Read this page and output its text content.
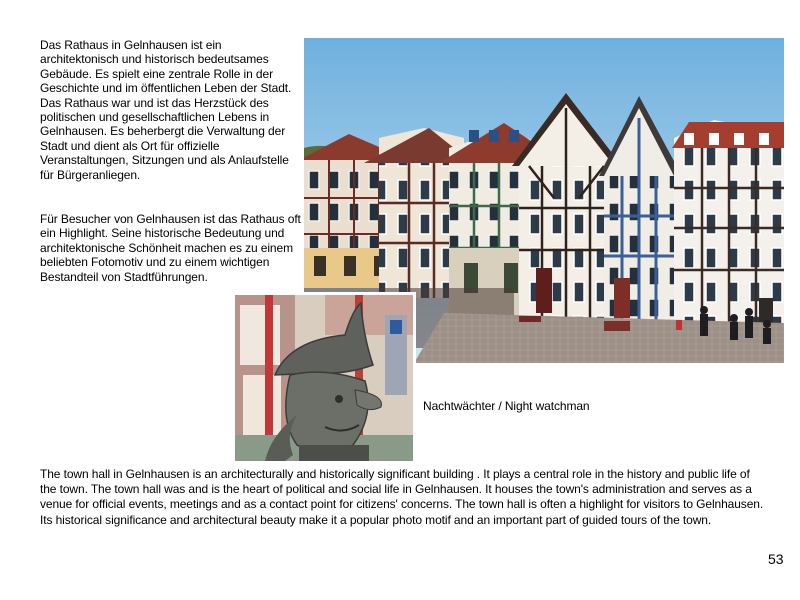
Das Rathaus in Gelnhausen ist ein architektonisch und historisch bedeutsames Gebäude. Es spielt eine zentrale Rolle in der Geschichte und im öffentlichen Leben der Stadt. Das Rathaus war und ist das Herzstück des politischen und gesellschaftlichen Lebens in Gelnhausen. Es beherbergt die Verwaltung der Stadt und dient als Ort für offizielle Veranstaltungen, Sitzungen und als Anlaufstelle für Bürgeranliegen.

Für Besucher von Gelnhausen ist das Rathaus oft ein Highlight. Seine historische Bedeutung und architektonische Schönheit machen es zu einem beliebten Fotomotiv und zu einem wichtigen Bestandteil von Stadtführungen.

Nachtwächter / Night watchman

The town hall in Gelnhausen is an architecturally and historically significant building . It plays a central role in the history and public life of the town. The town hall was and is the heart of political and social life in Gelnhausen. It houses the town's administration and serves as a venue for official events, meetings and as a contact point for citizens' concerns. The town hall is often a highlight for visitors to Gelnhausen. Its historical significance and architectural beauty make it a popular photo motif and an important part of guided tours of the town.

53
